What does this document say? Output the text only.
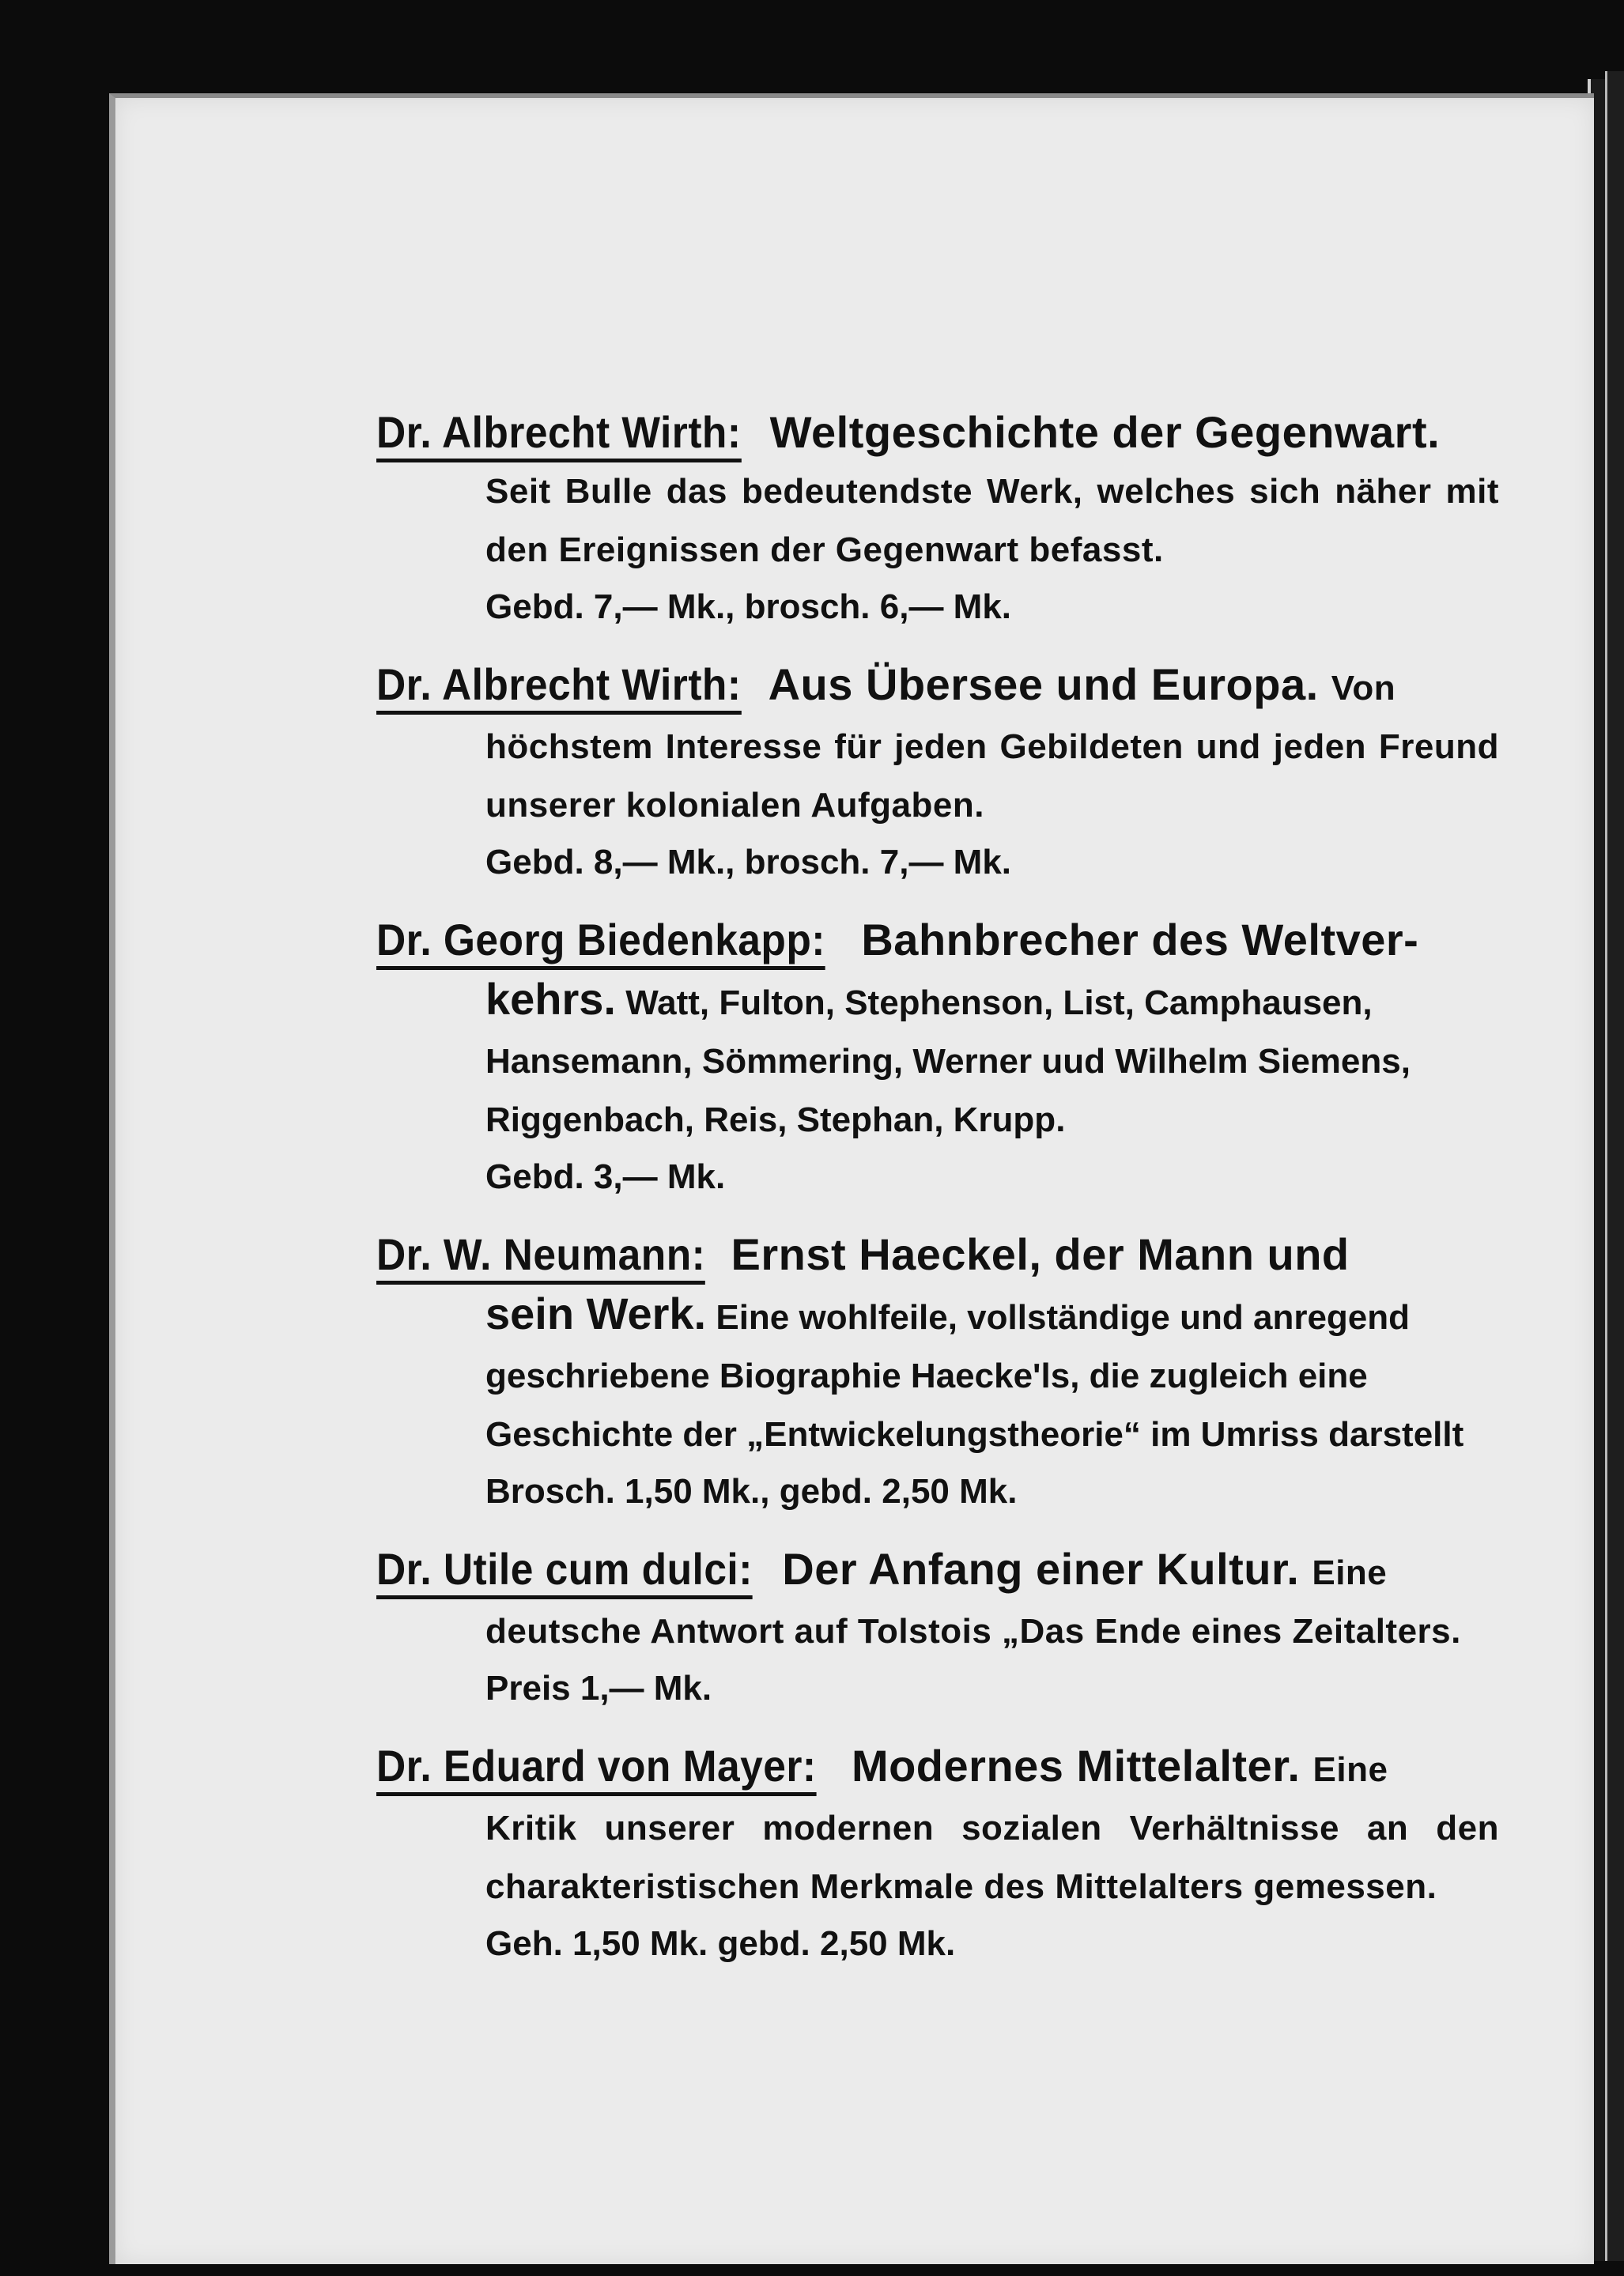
Dr. Albrecht Wirth: Weltgeschichte der Gegenwart.
Seit Bulle das bedeutendste Werk, welches sich näher mit den Ereignissen der Gegenwart befasst.
Gebd. 7,— Mk., brosch. 6,— Mk.
Dr. Albrecht Wirth: Aus Übersee und Europa. Von
höchstem Interesse für jeden Gebildeten und jeden Freund unserer kolonialen Aufgaben.
Gebd. 8,— Mk., brosch. 7,— Mk.
Dr. Georg Biedenkapp: Bahnbrecher des Weltver-
kehrs. Watt, Fulton, Stephenson, List, Camphausen, Hansemann, Sömmering, Werner uud Wilhelm Siemens, Riggenbach, Reis, Stephan, Krupp.
Gebd. 3,— Mk.
Dr. W. Neumann: Ernst Haeckel, der Mann und
sein Werk. Eine wohlfeile, vollständige und anregend geschriebene Biographie Haecke'ls, die zugleich eine Geschichte der „Entwickelungstheorie“ im Umriss darstellt
Brosch. 1,50 Mk., gebd. 2,50 Mk.
Dr. Utile cum dulci: Der Anfang einer Kultur. Eine
deutsche Antwort auf Tolstois „Das Ende eines Zeitalters.
Preis 1,— Mk.
Dr. Eduard von Mayer: Modernes Mittelalter. Eine
Kritik unserer modernen sozialen Verhältnisse an den charakteristischen Merkmale des Mittelalters gemessen.
Geh. 1,50 Mk. gebd. 2,50 Mk.
